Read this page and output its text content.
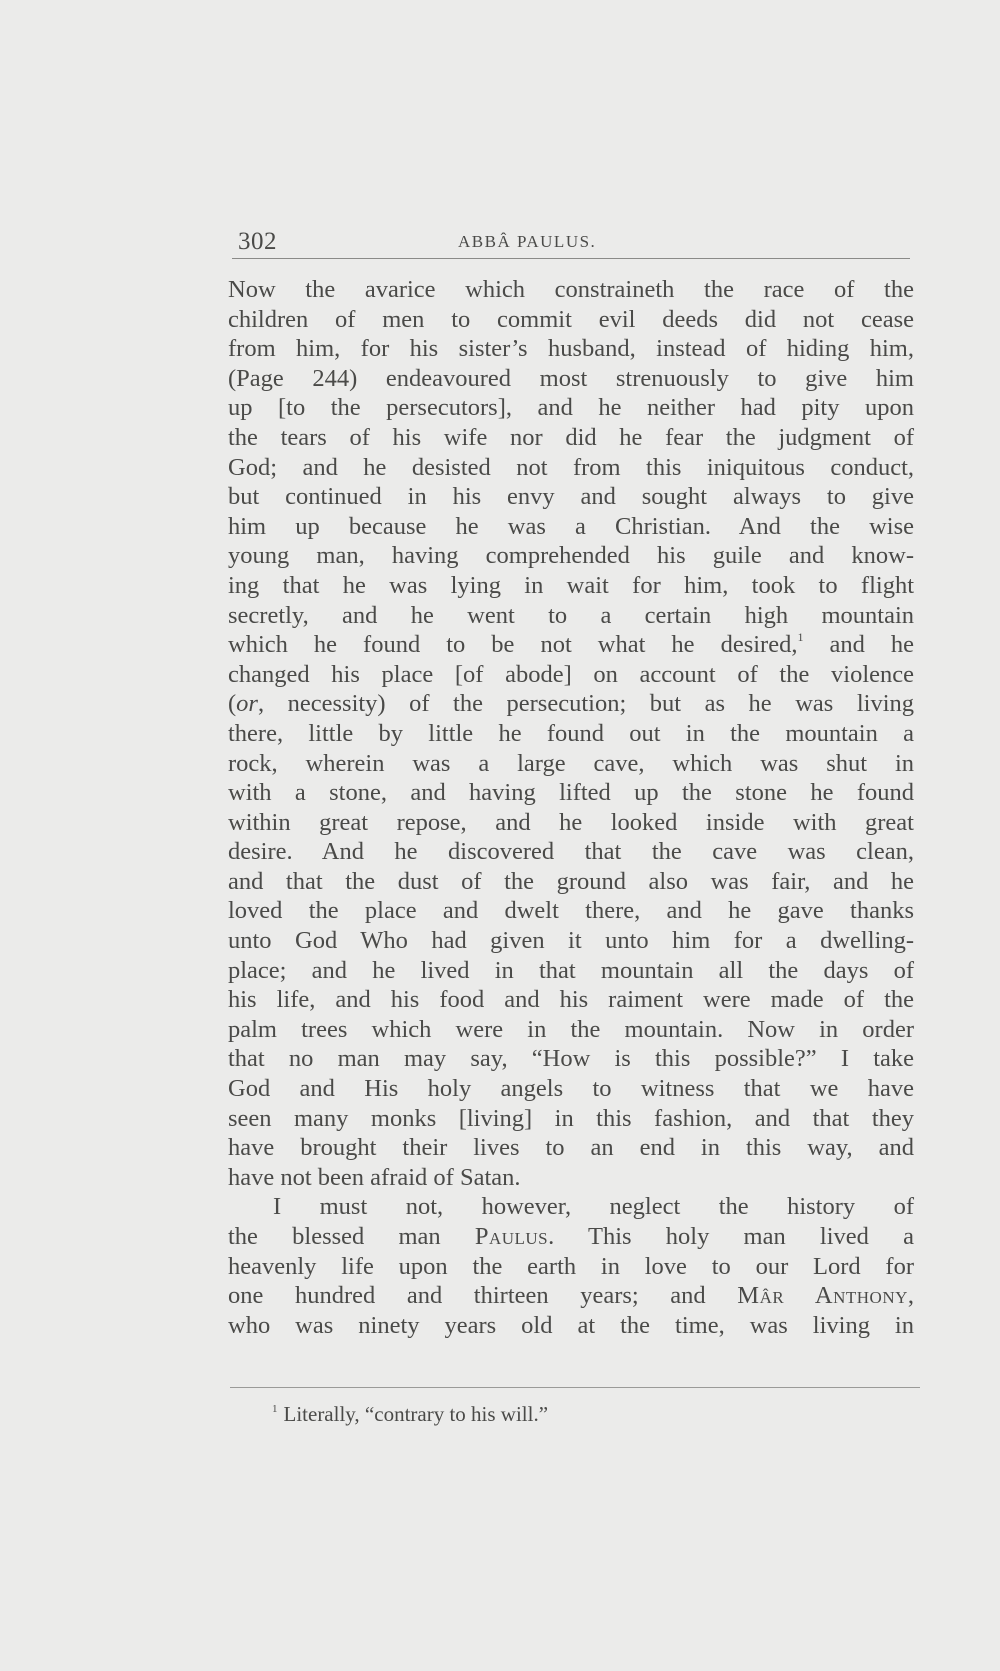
302	ABBÂ PAULUS.
Now the avarice which constraineth the race of the
children of men to commit evil deeds did not cease
from him, for his sister’s husband, instead of hiding him,
(Page 244) endeavoured most strenuously to give him
up [to the persecutors], and he neither had pity upon
the tears of his wife nor did he fear the judgment of
God; and he desisted not from this iniquitous conduct,
but continued in his envy and sought always to give
him up because he was a Christian. And the wise
young man, having comprehended his guile and know-
ing that he was lying in wait for him, took to flight
secretly, and he went to a certain high mountain
which he found to be not what he desired,$^1$ and he
changed his place [of abode] on account of the violence
(or, necessity) of the persecution; but as he was living
there, little by little he found out in the mountain a
rock, wherein was a large cave, which was shut in
with a stone, and having lifted up the stone he found
within great repose, and he looked inside with great
desire. And he discovered that the cave was clean,
and that the dust of the ground also was fair, and he
loved the place and dwelt there, and he gave thanks
unto God Who had given it unto him for a dwelling-
place; and he lived in that mountain all the days of
his life, and his food and his raiment were made of the
palm trees which were in the mountain. Now in order
that no man may say, “How is this possible?” I take
God and His holy angels to witness that we have
seen many monks [living] in this fashion, and that they
have brought their lives to an end in this way, and
have not been afraid of Satan.
I must not, however, neglect the history of
the blessed man Paulus. This holy man lived a
heavenly life upon the earth in love to our Lord for
one hundred and thirteen years; and Mâr Anthony,
who was ninety years old at the time, was living in
$^1$ Literally, “contrary to his will.”
